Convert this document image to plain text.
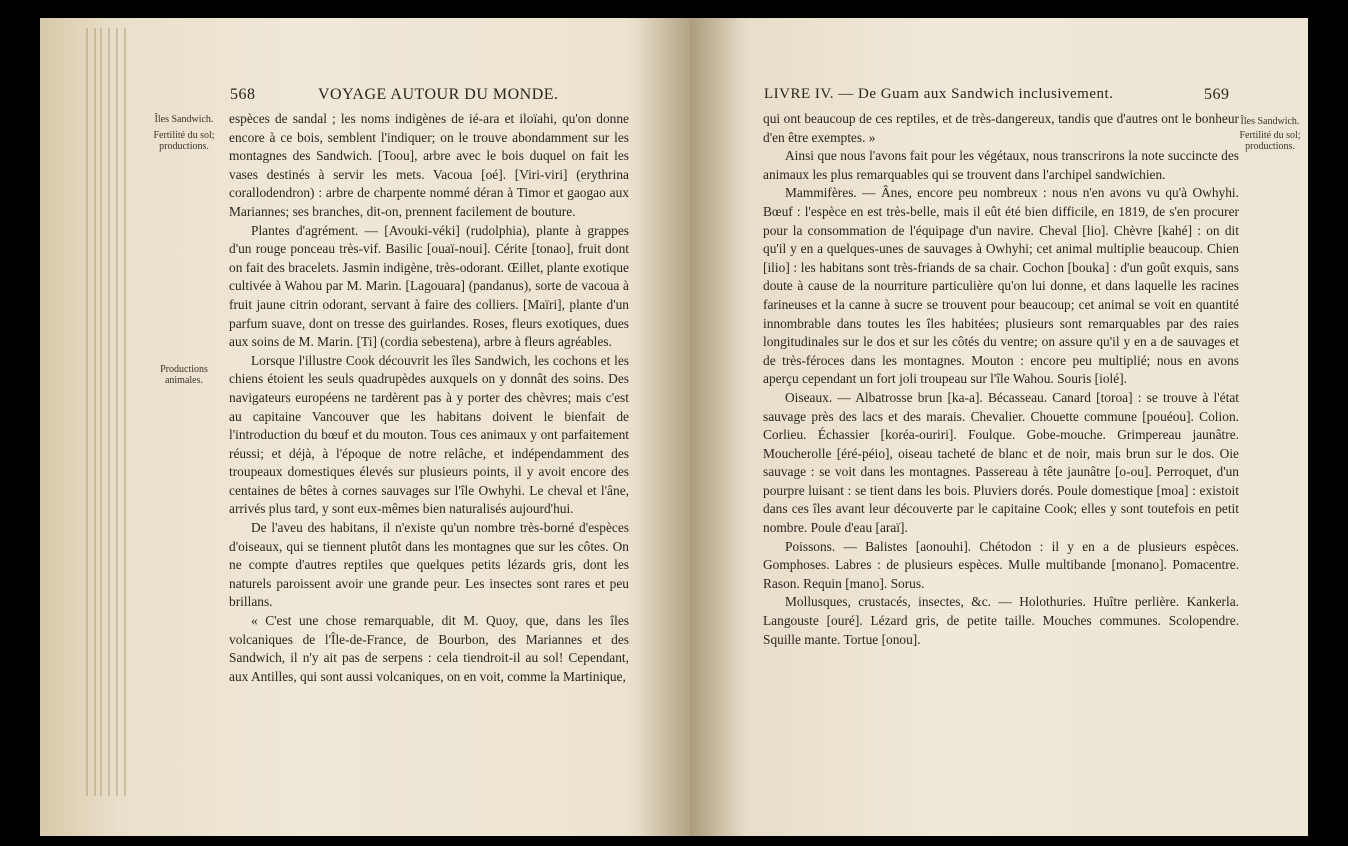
568	VOYAGE AUTOUR DU MONDE.
Îles Sandwich.
Fertilité du sol;
productions.
Productions
animales.

espèces de sandal ; les noms indigènes de ié-ara et iloïahi, qu'on donne encore à ce bois, semblent l'indiquer; on le trouve abondamment sur les montagnes des Sandwich. [Toou], arbre avec le bois duquel on fait les vases destinés à servir les mets. Vacoua [oé]. [Viri-viri] (erythrina corallodendron) : arbre de charpente nommé déran à Timor et gaogao aux Mariannes; ses branches, dit-on, prennent facilement de bouture.

Plantes d'agrément. — [Avouki-véki] (rudolphia), plante à grappes d'un rouge ponceau très-vif. Basilic [ouaï-noui]. Cérite [tonao], fruit dont on fait des bracelets. Jasmin indigène, très-odorant. Œillet, plante exotique cultivée à Wahou par M. Marin. [Lagouara] (pandanus), sorte de vacoua à fruit jaune citrin odorant, servant à faire des colliers. [Maïri], plante d'un parfum suave, dont on tresse des guirlandes. Roses, fleurs exotiques, dues aux soins de M. Marin. [Ti] (cordia sebestena), arbre à fleurs agréables.

Lorsque l'illustre Cook découvrit les îles Sandwich, les cochons et les chiens étoient les seuls quadrupèdes auxquels on y donnât des soins. Des navigateurs européens ne tardèrent pas à y porter des chèvres; mais c'est au capitaine Vancouver que les habitans doivent le bienfait de l'introduction du bœuf et du mouton. Tous ces animaux y ont parfaitement réussi; et déjà, à l'époque de notre relâche, et indépendamment des troupeaux domestiques élevés sur plusieurs points, il y avoit encore des centaines de bêtes à cornes sauvages sur l'île Owhyhi. Le cheval et l'âne, arrivés plus tard, y sont eux-mêmes bien naturalisés aujourd'hui.

De l'aveu des habitans, il n'existe qu'un nombre très-borné d'espèces d'oiseaux, qui se tiennent plutôt dans les montagnes que sur les côtes. On ne compte d'autres reptiles que quelques petits lézards gris, dont les naturels paroissent avoir une grande peur. Les insectes sont rares et peu brillans.

« C'est une chose remarquable, dit M. Quoy, que, dans les îles volcaniques de l'Île-de-France, de Bourbon, des Mariannes et des Sandwich, il n'y ait pas de serpens : cela tiendroit-il au sol! Cependant, aux Antilles, qui sont aussi volcaniques, on en voit, comme la Martinique,

LIVRE IV. — De Guam aux Sandwich inclusivement.	569
Îles Sandwich.
Fertilité du sol;
productions.

qui ont beaucoup de ces reptiles, et de très-dangereux, tandis que d'autres ont le bonheur d'en être exemptes. »

Ainsi que nous l'avons fait pour les végétaux, nous transcrirons la note succincte des animaux les plus remarquables qui se trouvent dans l'archipel sandwichien.

Mammifères. — Ânes, encore peu nombreux : nous n'en avons vu qu'à Owhyhi. Bœuf : l'espèce en est très-belle, mais il eût été bien difficile, en 1819, de s'en procurer pour la consommation de l'équipage d'un navire. Cheval [lio]. Chèvre [kahé] : on dit qu'il y en a quelques-unes de sauvages à Owhyhi; cet animal multiplie beaucoup. Chien [ilio] : les habitans sont très-friands de sa chair. Cochon [bouka] : d'un goût exquis, sans doute à cause de la nourriture particulière qu'on lui donne, et dans laquelle les racines farineuses et la canne à sucre se trouvent pour beaucoup; cet animal se voit en quantité innombrable dans toutes les îles habitées; plusieurs sont remarquables par des raies longitudinales sur le dos et sur les côtés du ventre; on assure qu'il y en a de sauvages et de très-féroces dans les montagnes. Mouton : encore peu multiplié; nous en avons aperçu cependant un fort joli troupeau sur l'île Wahou. Souris [iolé].

Oiseaux. — Albatrosse brun [ka-a]. Bécasseau. Canard [toroa] : se trouve à l'état sauvage près des lacs et des marais. Chevalier. Chouette commune [pouéou]. Colion. Corlieu. Échassier [koréa-ouriri]. Foulque. Gobe-mouche. Grimpereau jaunâtre. Moucherolle [éré-péio], oiseau tacheté de blanc et de noir, mais brun sur le dos. Oie sauvage : se voit dans les montagnes. Passereau à tête jaunâtre [o-ou]. Perroquet, d'un pourpre luisant : se tient dans les bois. Pluviers dorés. Poule domestique [moa] : existoit dans ces îles avant leur découverte par le capitaine Cook; elles y sont toutefois en petit nombre. Poule d'eau [araï].

Poissons. — Balistes [aonouhi]. Chétodon : il y en a de plusieurs espèces. Gomphoses. Labres : de plusieurs espèces. Mulle multibande [monano]. Pomacentre. Rason. Requin [mano]. Sorus.

Mollusques, crustacés, insectes, &c. — Holothuries. Huître perlière. Kankerla. Langouste [ouré]. Lézard gris, de petite taille. Mouches communes. Scolopendre. Squille mante. Tortue [onou].
